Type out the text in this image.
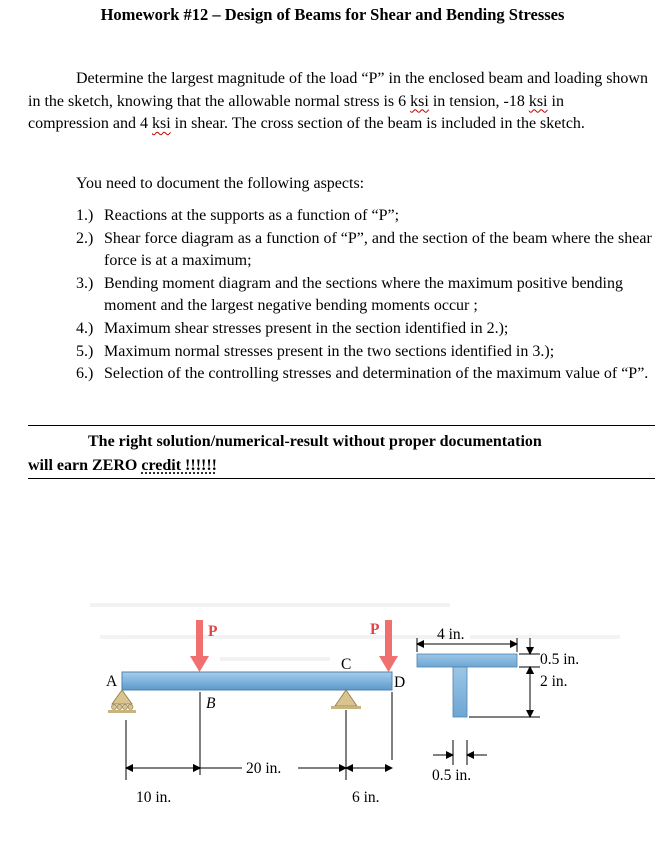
Homework #12 – Design of Beams for Shear and Bending Stresses

Determine the largest magnitude of the load “P” in the enclosed beam and loading shown in the sketch, knowing that the allowable normal stress is 6 ksi in tension, -18 ksi in compression and 4 ksi in shear. The cross section of the beam is included in the sketch.

You need to document the following aspects:
1.) Reactions at the supports as a function of “P”;
2.) Shear force diagram as a function of “P”, and the section of the beam where the shear force is at a maximum;
3.) Bending moment diagram and the sections where the maximum positive bending moment and the largest negative bending moments occur ;
4.) Maximum shear stresses present in the section identified in 2.);
5.) Maximum normal stresses present in the two sections identified in 3.);
6.) Selection of the controlling stresses and determination of the maximum value of “P”.

The right solution/numerical-result without proper documentation
will earn ZERO credit !!!!!!

P	P
A
C
B
D
10 in.
20 in.
6 in.
4 in.
0.5 in.
2 in.
0.5 in.
